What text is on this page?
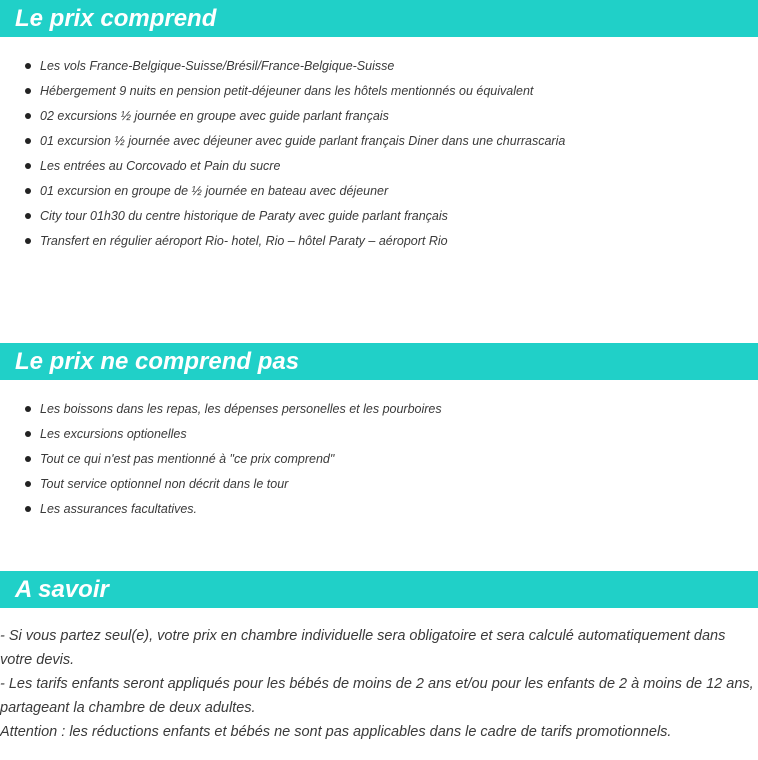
Le prix comprend
Les vols France-Belgique-Suisse/Brésil/France-Belgique-Suisse
Hébergement 9 nuits en pension petit-déjeuner dans les hôtels mentionnés ou équivalent
02 excursions ½ journée en groupe avec guide parlant français
01 excursion ½ journée avec déjeuner avec guide parlant français Diner dans une churrascaria
Les entrées au Corcovado et Pain du sucre
01 excursion en groupe de ½ journée en bateau avec déjeuner
City tour 01h30 du centre historique de Paraty avec guide parlant français
Transfert en régulier aéroport Rio- hotel, Rio – hôtel Paraty – aéroport Rio
Le prix ne comprend pas
Les boissons dans les repas, les dépenses personelles et les pourboires
Les excursions optionelles
Tout ce qui n'est pas mentionné à "ce prix comprend"
Tout service optionnel non décrit dans le tour
Les assurances facultatives.
A savoir

- Si vous partez seul(e), votre prix en chambre individuelle sera obligatoire et sera calculé automatiquement dans votre devis.

- Les tarifs enfants seront appliqués pour les bébés de moins de 2 ans et/ou pour les enfants de 2 à moins de 12 ans, partageant la chambre de deux adultes.

Attention : les réductions enfants et bébés ne sont pas applicables dans le cadre de tarifs promotionnels.
